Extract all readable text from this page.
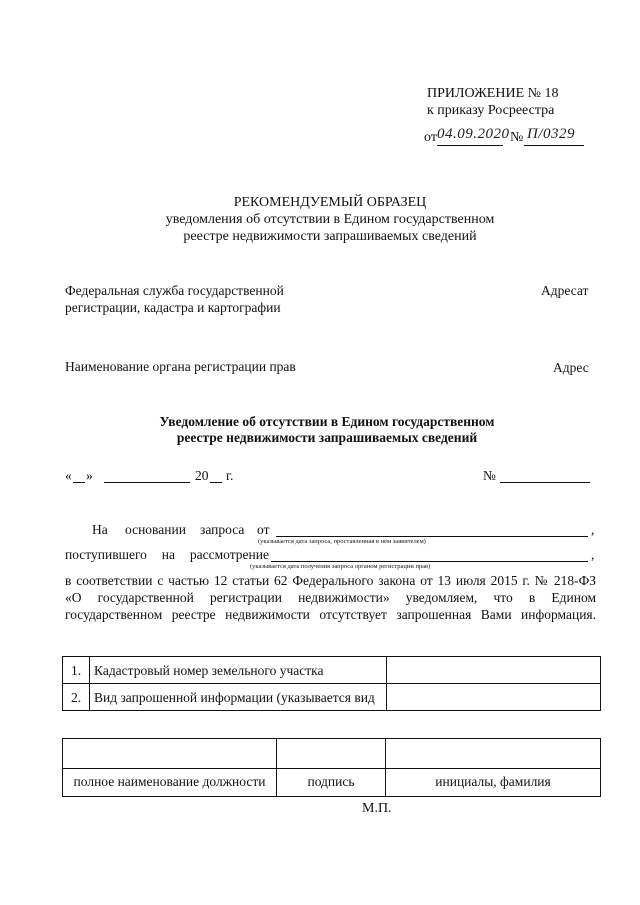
ПРИЛОЖЕНИЕ № 18
к приказу Росреестра
от 04.09.2020 № П/0329
РЕКОМЕНДУЕМЫЙ ОБРАЗЕЦ
уведомления об отсутствии в Едином государственном
реестре недвижимости запрашиваемых сведений
Федеральная служба государственной
регистрации, кадастра и картографии
Адресат
Наименование органа регистрации прав	Адрес
Уведомление об отсутствии в Едином государственном
реестре недвижимости запрашиваемых сведений
« »	20 г.	№
На основании запроса от	,
(указывается дата запроса, проставленная в нем заявителем)
поступившего на рассмотрение	,
(указывается дата получения запроса органом регистрации прав)
в соответствии с частью 12 статьи 62 Федерального закона от 13 июля 2015 г. № 218-ФЗ
«О государственной регистрации недвижимости» уведомляем, что в Едином
государственном реестре недвижимости отсутствует запрошенная Вами информация.
1.	Кадастровый номер земельного участка	
2.	Вид запрошенной информации (указывается вид	

полное наименование должности	подпись	инициалы, фамилия
М.П.
